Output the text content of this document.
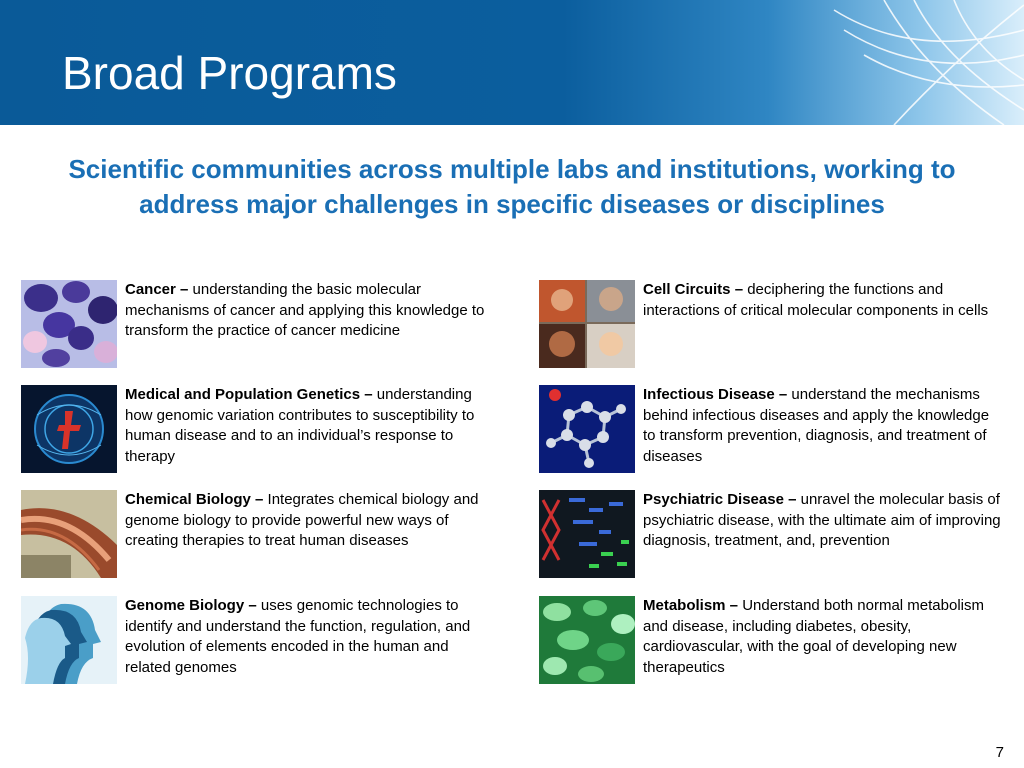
Broad Programs

Scientific communities across multiple labs and institutions, working to address major challenges in specific diseases or disciplines

Cancer – understanding the basic molecular mechanisms of cancer and applying this knowledge to transform the practice of cancer medicine
Cell Circuits – deciphering the functions and interactions of critical molecular components in cells
Medical and Population Genetics – understanding how genomic variation contributes to susceptibility to human disease and to an individual’s response to therapy
Infectious Disease – understand the mechanisms behind infectious diseases and apply the knowledge to transform prevention, diagnosis, and treatment of diseases
Chemical Biology – Integrates chemical biology and genome biology to provide powerful new ways of creating therapies to treat human diseases
Psychiatric Disease – unravel the molecular basis of psychiatric disease, with the ultimate aim of improving diagnosis, treatment, and, prevention
Genome Biology – uses genomic technologies to identify and understand the function, regulation, and evolution of elements encoded in the human and related genomes
Metabolism – Understand both normal metabolism and disease, including diabetes, obesity, cardiovascular, with the goal of developing new therapeutics
7
